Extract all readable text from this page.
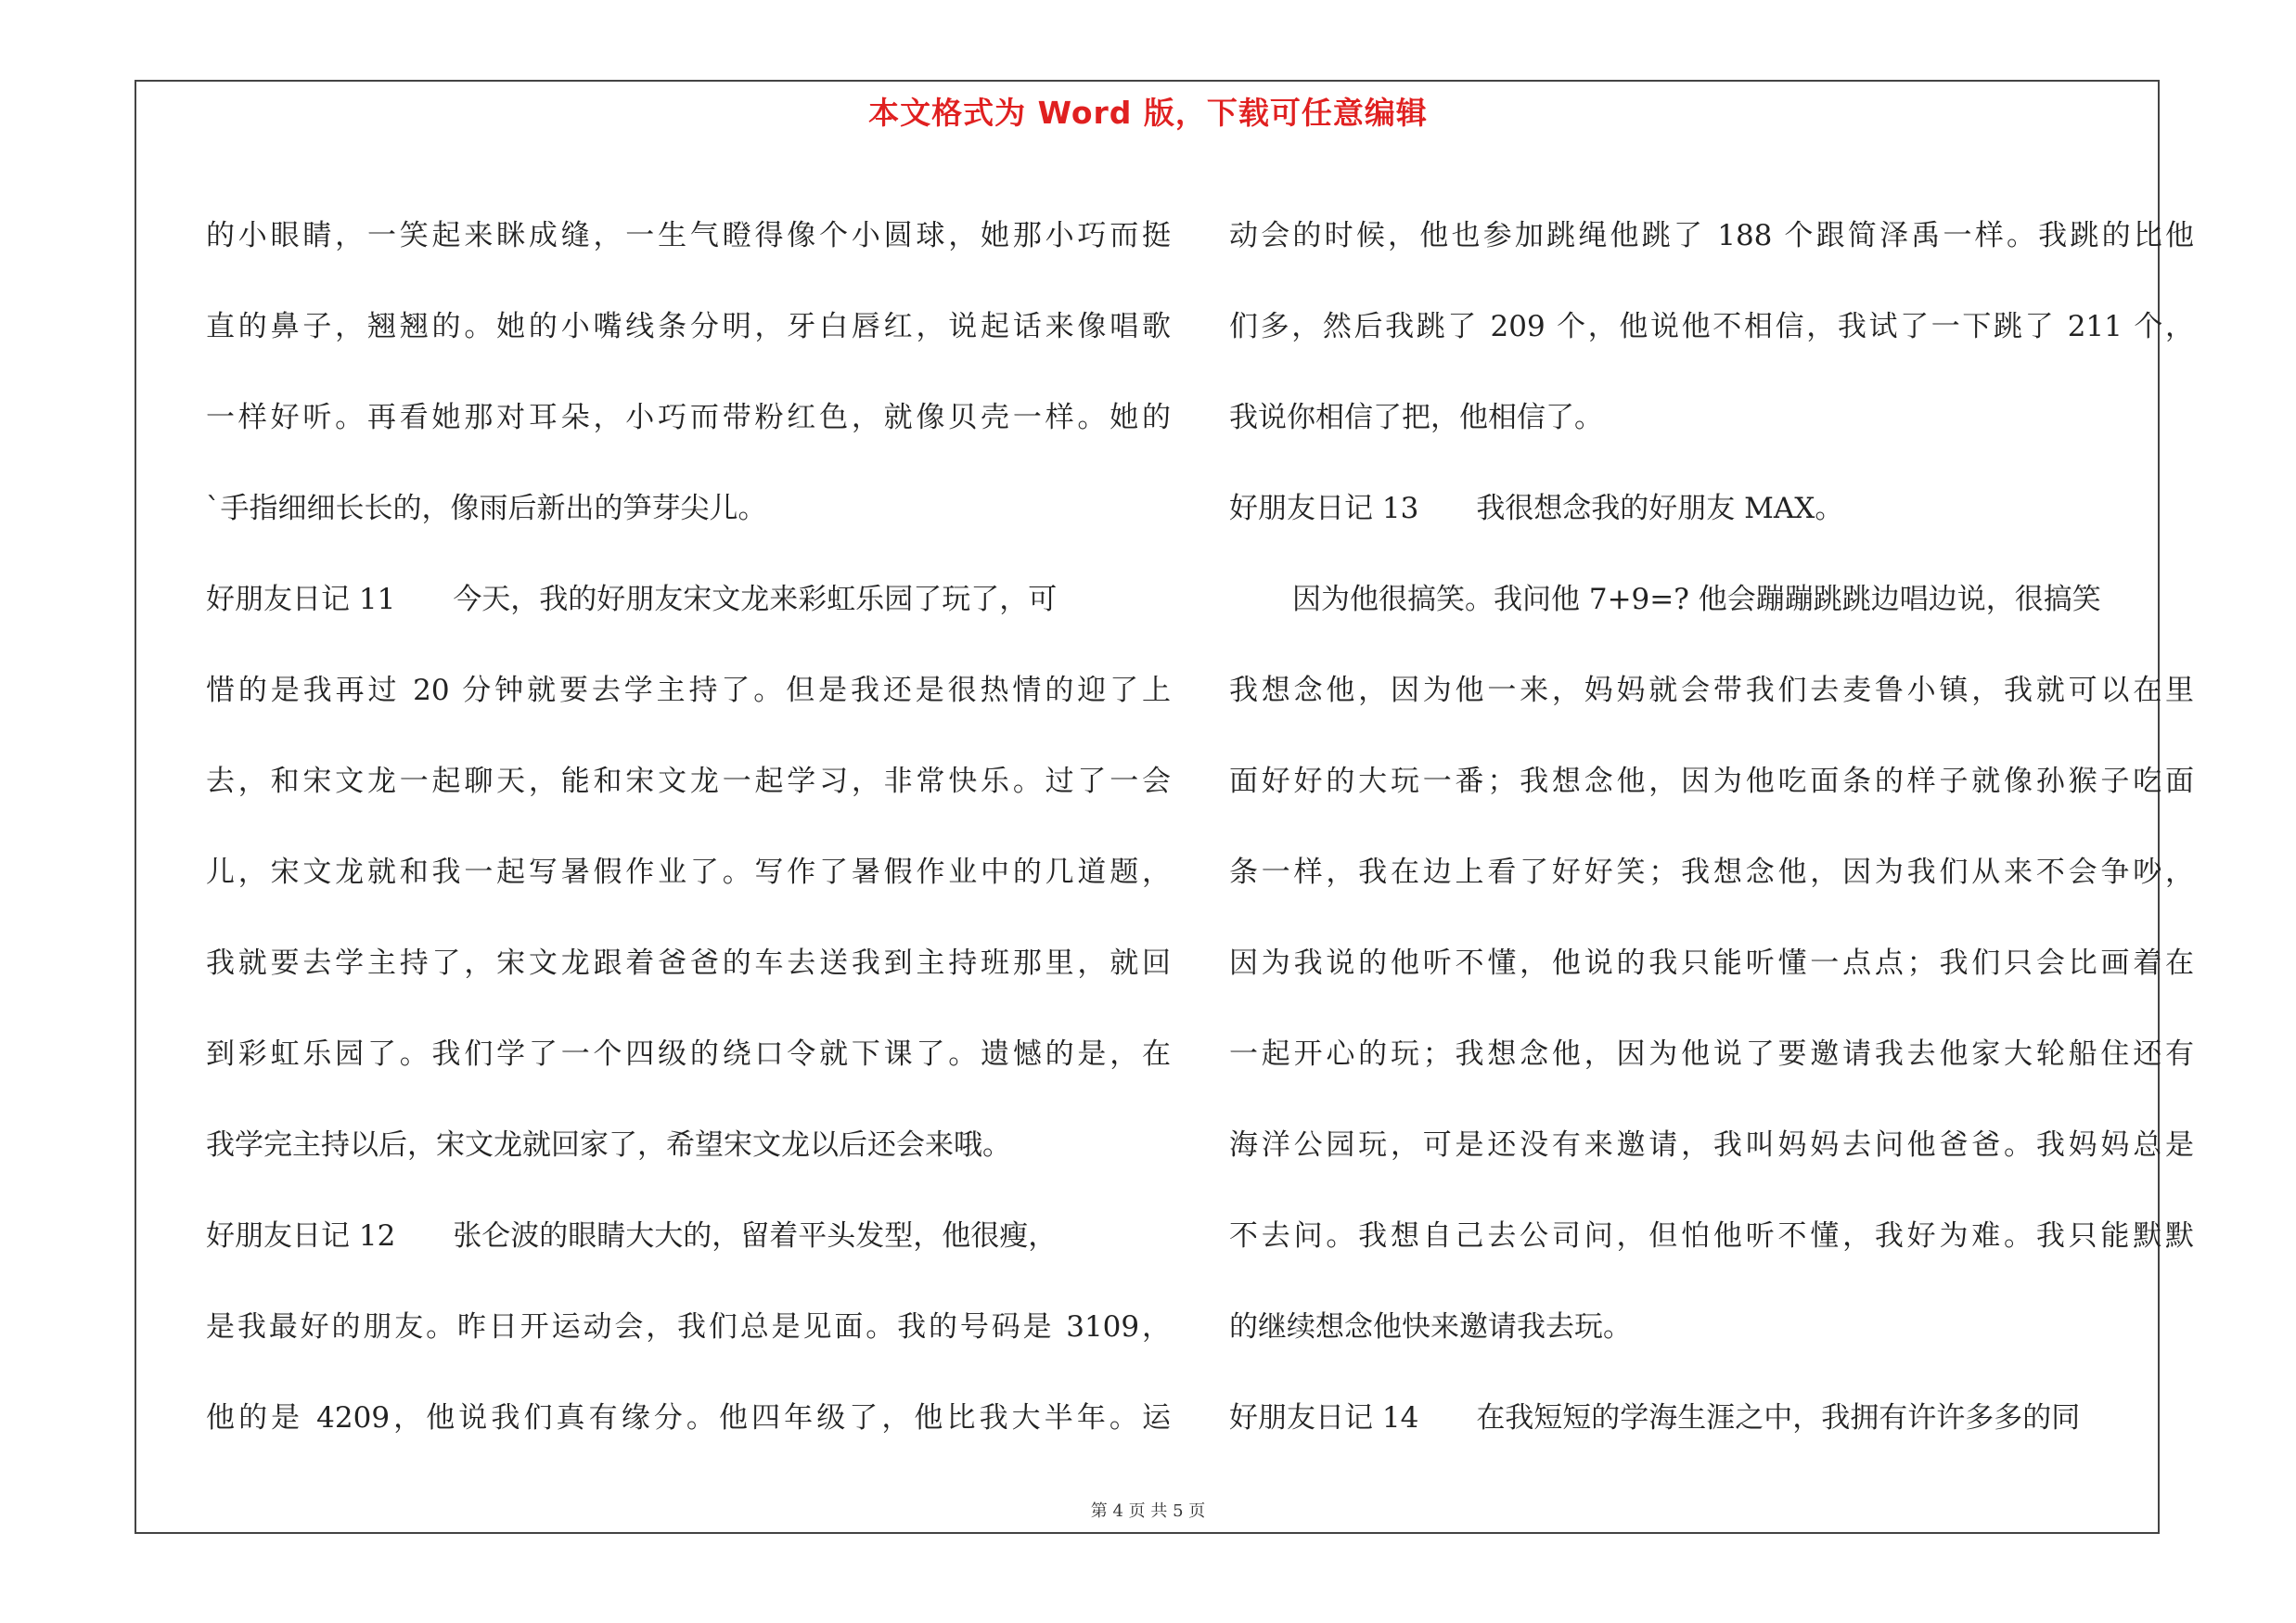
本文格式为 Word 版，下载可任意编辑
的小眼睛，一笑起来眯成缝，一生气瞪得像个小圆球，她那小巧而挺
直的鼻子，翘翘的。她的小嘴线条分明，牙白唇红，说起话来像唱歌
一样好听。再看她那对耳朵，小巧而带粉红色，就像贝壳一样。她的
`手指细细长长的，像雨后新出的笋芽尖儿。
好朋友日记 11 今天，我的好朋友宋文龙来彩虹乐园了玩了，可
惜的是我再过 20 分钟就要去学主持了。但是我还是很热情的迎了上
去，和宋文龙一起聊天，能和宋文龙一起学习，非常快乐。过了一会
儿，宋文龙就和我一起写暑假作业了。写作了暑假作业中的几道题，
我就要去学主持了，宋文龙跟着爸爸的车去送我到主持班那里，就回
到彩虹乐园了。我们学了一个四级的绕口令就下课了。遗憾的是，在
我学完主持以后，宋文龙就回家了，希望宋文龙以后还会来哦。
好朋友日记 12 张仑波的眼睛大大的，留着平头发型，他很瘦，
是我最好的朋友。昨日开运动会，我们总是见面。我的号码是 3109，
他的是 4209，他说我们真有缘分。他四年级了，他比我大半年。运
动会的时候，他也参加跳绳他跳了 188 个跟简泽禹一样。我跳的比他
们多，然后我跳了 209 个，他说他不相信，我试了一下跳了 211 个，
我说你相信了把，他相信了。
好朋友日记 13 我很想念我的好朋友 MAX。
因为他很搞笑。我问他 7+9=? 他会蹦蹦跳跳边唱边说，很搞笑
我想念他，因为他一来，妈妈就会带我们去麦鲁小镇，我就可以在里
面好好的大玩一番；我想念他，因为他吃面条的样子就像孙猴子吃面
条一样，我在边上看了好好笑；我想念他，因为我们从来不会争吵，
因为我说的他听不懂，他说的我只能听懂一点点；我们只会比画着在
一起开心的玩；我想念他，因为他说了要邀请我去他家大轮船住还有
海洋公园玩，可是还没有来邀请，我叫妈妈去问他爸爸。我妈妈总是
不去问。我想自己去公司问，但怕他听不懂，我好为难。我只能默默
的继续想念他快来邀请我去玩。
好朋友日记 14 在我短短的学海生涯之中，我拥有许许多多的同
第 4 页 共 5 页
